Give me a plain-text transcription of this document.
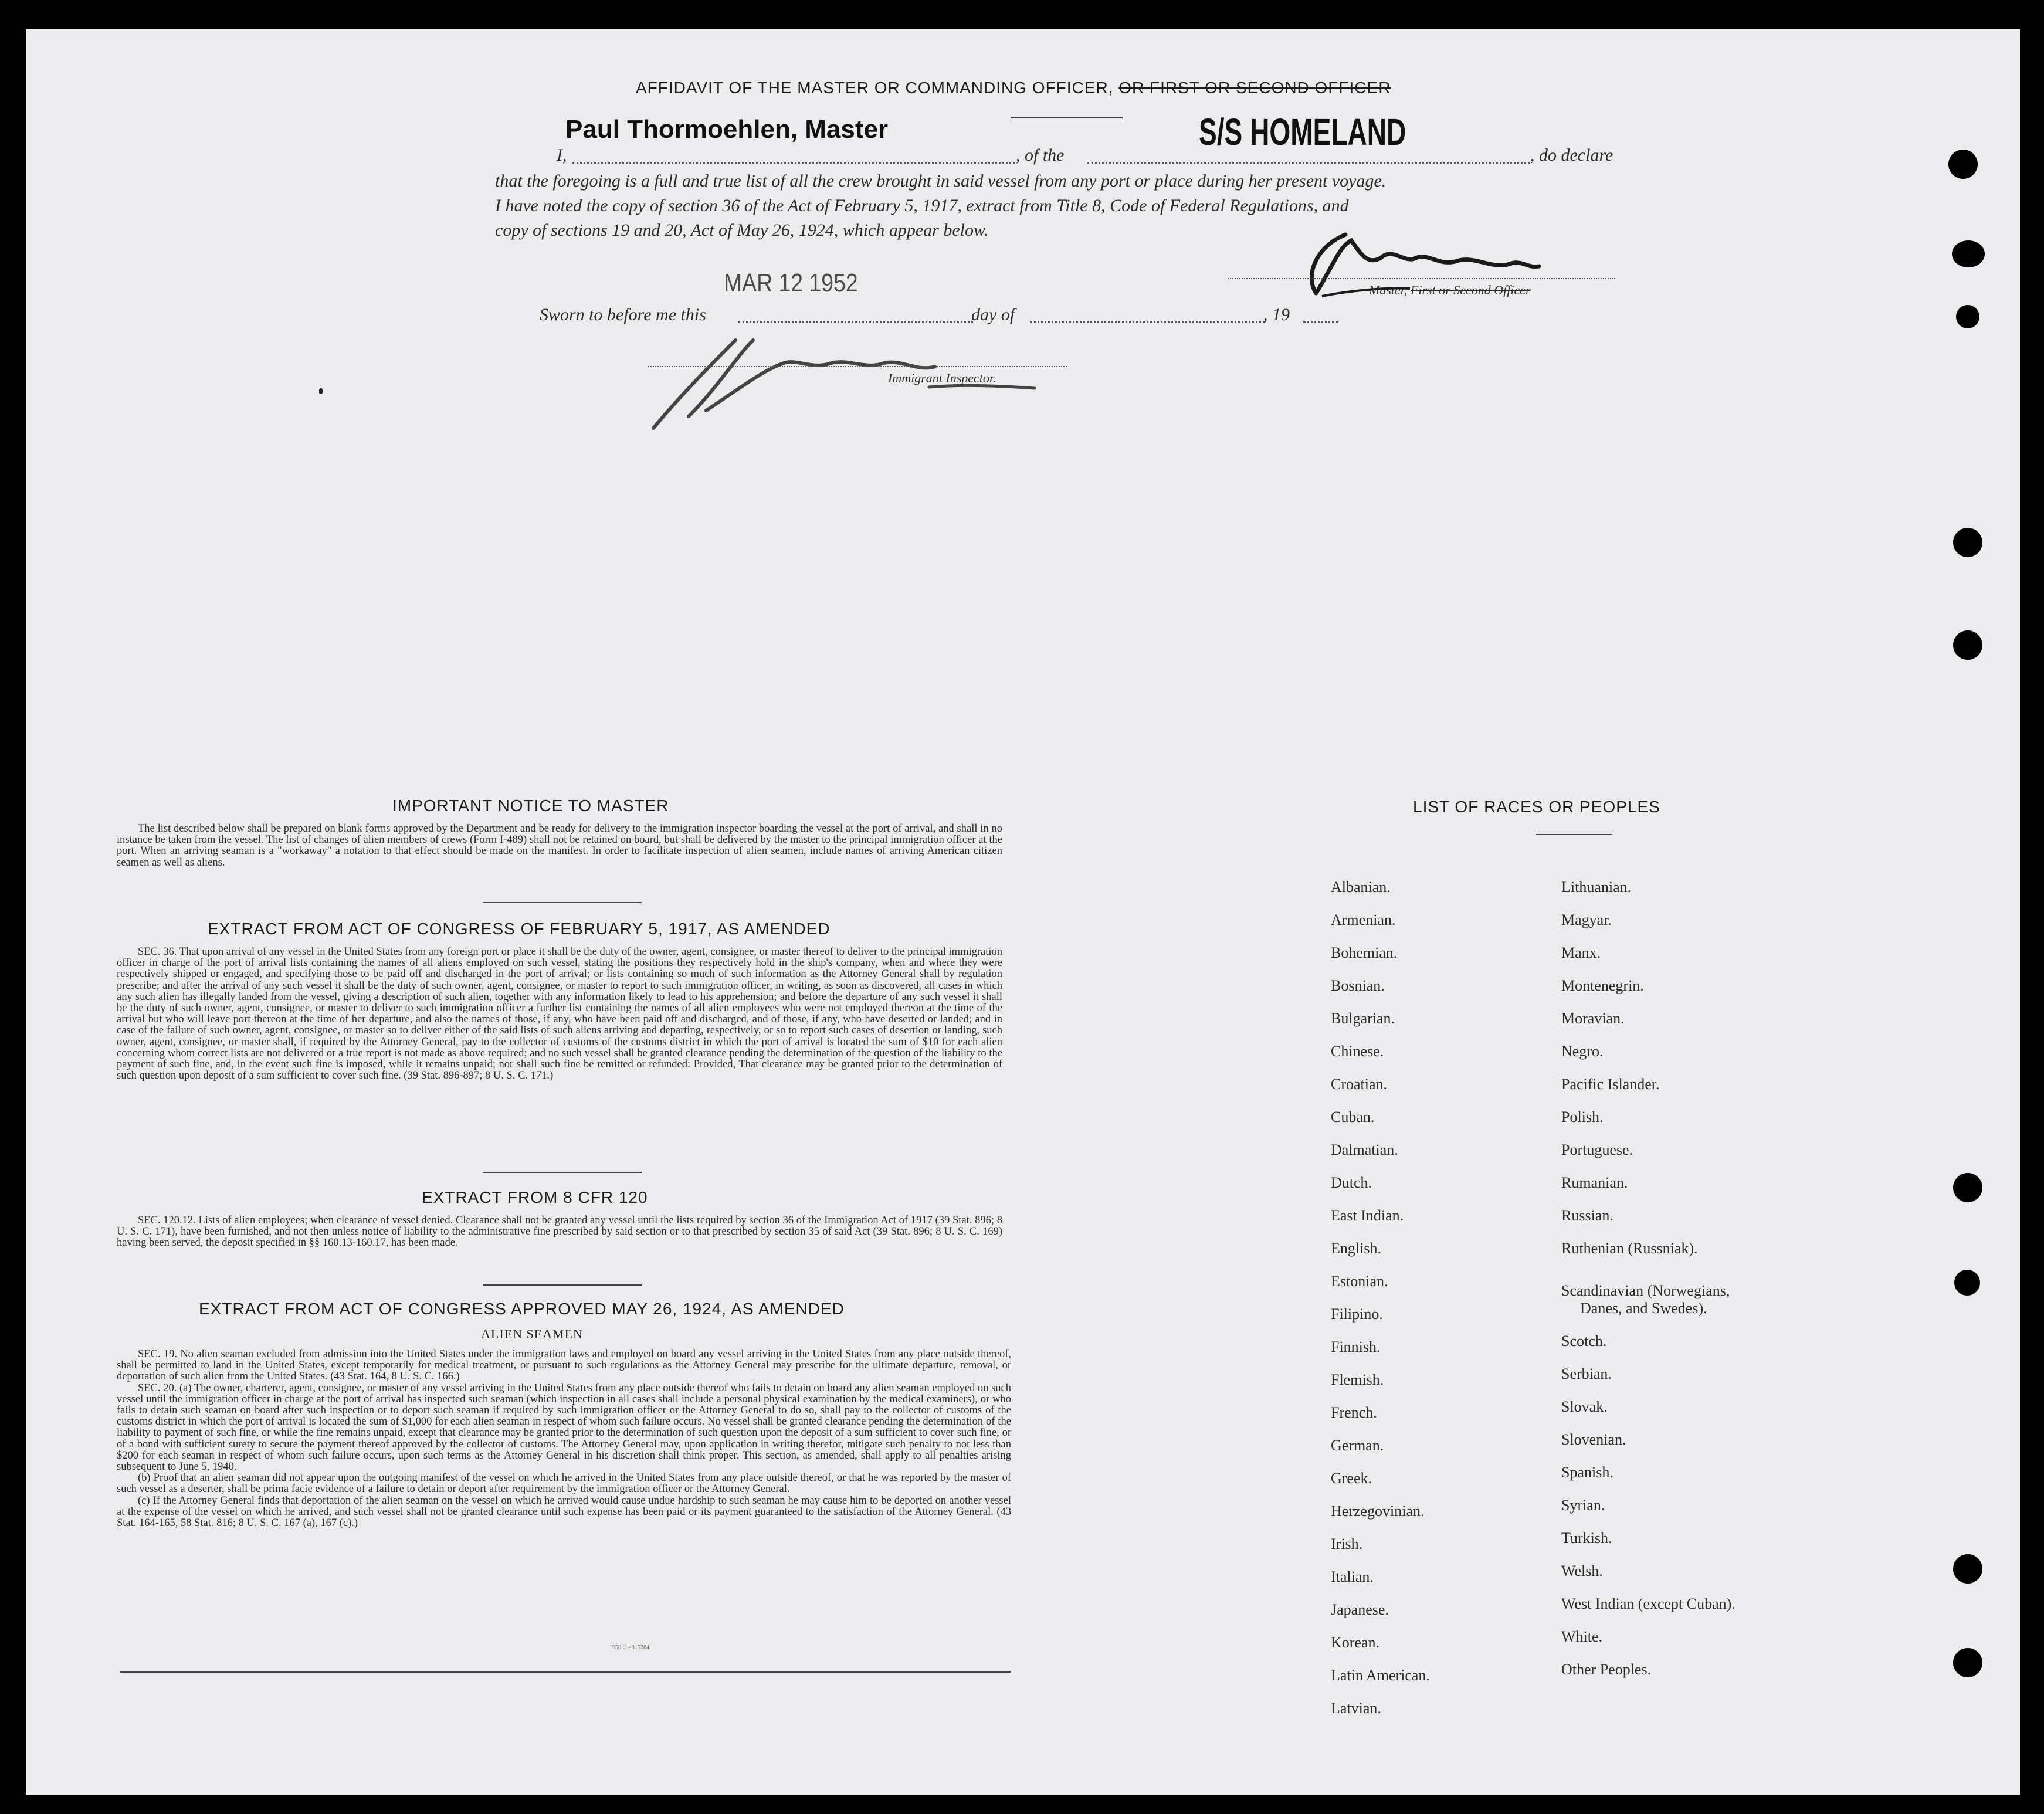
AFFIDAVIT OF THE MASTER OR COMMANDING OFFICER, OR FIRST OR SECOND OFFICER
Paul Thormoehlen, Master
I,	, of the
S/S HOMELAND
, do declare
that the foregoing is a full and true list of all the crew brought in said vessel from any port or place during her present voyage.
I have noted the copy of section 36 of the Act of February 5, 1917, extract from Title 8, Code of Federal Regulations, and
copy of sections 19 and 20, Act of May 26, 1924, which appear below.
Master, First or Second Officer
MAR 12 1952
Sworn to before me this	day of	, 19
Immigrant Inspector.
IMPORTANT NOTICE TO MASTER
The list described below shall be prepared on blank forms approved by the Department and be ready for delivery to the immigration inspector boarding the vessel at the port of arrival, and shall in no instance be taken from the vessel. The list of changes of alien members of crews (Form I-489) shall not be retained on board, but shall be delivered by the master to the principal immigration officer at the port. When an arriving seaman is a "workaway" a notation to that effect should be made on the manifest. In order to facilitate inspection of alien seamen, include names of arriving American citizen seamen as well as aliens.
EXTRACT FROM ACT OF CONGRESS OF FEBRUARY 5, 1917, AS AMENDED
SEC. 36. That upon arrival of any vessel in the United States from any foreign port or place it shall be the duty of the owner, agent, consignee, or master thereof to deliver to the principal immigration officer in charge of the port of arrival lists containing the names of all aliens employed on such vessel, stating the positions they respectively hold in the ship's company, when and where they were respectively shipped or engaged, and specifying those to be paid off and discharged in the port of arrival; or lists containing so much of such information as the Attorney General shall by regulation prescribe; and after the arrival of any such vessel it shall be the duty of such owner, agent, consignee, or master to report to such immigration officer, in writing, as soon as discovered, all cases in which any such alien has illegally landed from the vessel, giving a description of such alien, together with any information likely to lead to his apprehension; and before the departure of any such vessel it shall be the duty of such owner, agent, consignee, or master to deliver to such immigration officer a further list containing the names of all alien employees who were not employed thereon at the time of the arrival but who will leave port thereon at the time of her departure, and also the names of those, if any, who have been paid off and discharged, and of those, if any, who have deserted or landed; and in case of the failure of such owner, agent, consignee, or master so to deliver either of the said lists of such aliens arriving and departing, respectively, or so to report such cases of desertion or landing, such owner, agent, consignee, or master shall, if required by the Attorney General, pay to the collector of customs of the customs district in which the port of arrival is located the sum of $10 for each alien concerning whom correct lists are not delivered or a true report is not made as above required; and no such vessel shall be granted clearance pending the determination of the question of the liability to the payment of such fine, and, in the event such fine is imposed, while it remains unpaid; nor shall such fine be remitted or refunded: Provided, That clearance may be granted prior to the determination of such question upon deposit of a sum sufficient to cover such fine. (39 Stat. 896-897; 8 U. S. C. 171.)
EXTRACT FROM 8 CFR 120
SEC. 120.12. Lists of alien employees; when clearance of vessel denied. Clearance shall not be granted any vessel until the lists required by section 36 of the Immigration Act of 1917 (39 Stat. 896; 8 U. S. C. 171), have been furnished, and not then unless notice of liability to the administrative fine prescribed by said section or to that prescribed by section 35 of said Act (39 Stat. 896; 8 U. S. C. 169) having been served, the deposit specified in §§ 160.13-160.17, has been made.
EXTRACT FROM ACT OF CONGRESS APPROVED MAY 26, 1924, AS AMENDED
ALIEN SEAMEN

SEC. 19. No alien seaman excluded from admission into the United States under the immigration laws and employed on board any vessel arriving in the United States from any place outside thereof, shall be permitted to land in the United States, except temporarily for medical treatment, or pursuant to such regulations as the Attorney General may prescribe for the ultimate departure, removal, or deportation of such alien from the United States. (43 Stat. 164, 8 U. S. C. 166.)

SEC. 20. (a) The owner, charterer, agent, consignee, or master of any vessel arriving in the United States from any place outside thereof who fails to detain on board any alien seaman employed on such vessel until the immigration officer in charge at the port of arrival has inspected such seaman (which inspection in all cases shall include a personal physical examination by the medical examiners), or who fails to detain such seaman on board after such inspection or to deport such seaman if required by such immigration officer or the Attorney General to do so, shall pay to the collector of customs of the customs district in which the port of arrival is located the sum of $1,000 for each alien seaman in respect of whom such failure occurs. No vessel shall be granted clearance pending the determination of the liability to payment of such fine, or while the fine remains unpaid, except that clearance may be granted prior to the determination of such question upon the deposit of a sum sufficient to cover such fine, or of a bond with sufficient surety to secure the payment thereof approved by the collector of customs. The Attorney General may, upon application in writing therefor, mitigate such penalty to not less than $200 for each seaman in respect of whom such failure occurs, upon such terms as the Attorney General in his discretion shall think proper. This section, as amended, shall apply to all penalties arising subsequent to June 5, 1940.

(b) Proof that an alien seaman did not appear upon the outgoing manifest of the vessel on which he arrived in the United States from any place outside thereof, or that he was reported by the master of such vessel as a deserter, shall be prima facie evidence of a failure to detain or deport after requirement by the immigration officer or the Attorney General.

(c) If the Attorney General finds that deportation of the alien seaman on the vessel on which he arrived would cause undue hardship to such seaman he may cause him to be deported on another vessel at the expense of the vessel on which he arrived, and such vessel shall not be granted clearance until such expense has been paid or its payment guaranteed to the satisfaction of the Attorney General. (43 Stat. 164-165, 58 Stat. 816; 8 U. S. C. 167 (a), 167 (c).)

1950 O - 915284
LIST OF RACES OR PEOPLES
Albanian.
Armenian.
Bohemian.
Bosnian.
Bulgarian.
Chinese.
Croatian.
Cuban.
Dalmatian.
Dutch.
East Indian.
English.
Estonian.
Filipino.
Finnish.
Flemish.
French.
German.
Greek.
Herzegovinian.
Irish.
Italian.
Japanese.
Korean.
Latin American.
Latvian.
Lithuanian.
Magyar.
Manx.
Montenegrin.
Moravian.
Negro.
Pacific Islander.
Polish.
Portuguese.
Rumanian.
Russian.
Ruthenian (Russniak).
Scandinavian (Norwegians,
Danes, and Swedes).
Scotch.
Serbian.
Slovak.
Slovenian.
Spanish.
Syrian.
Turkish.
Welsh.
West Indian (except Cuban).
White.
Other Peoples.
